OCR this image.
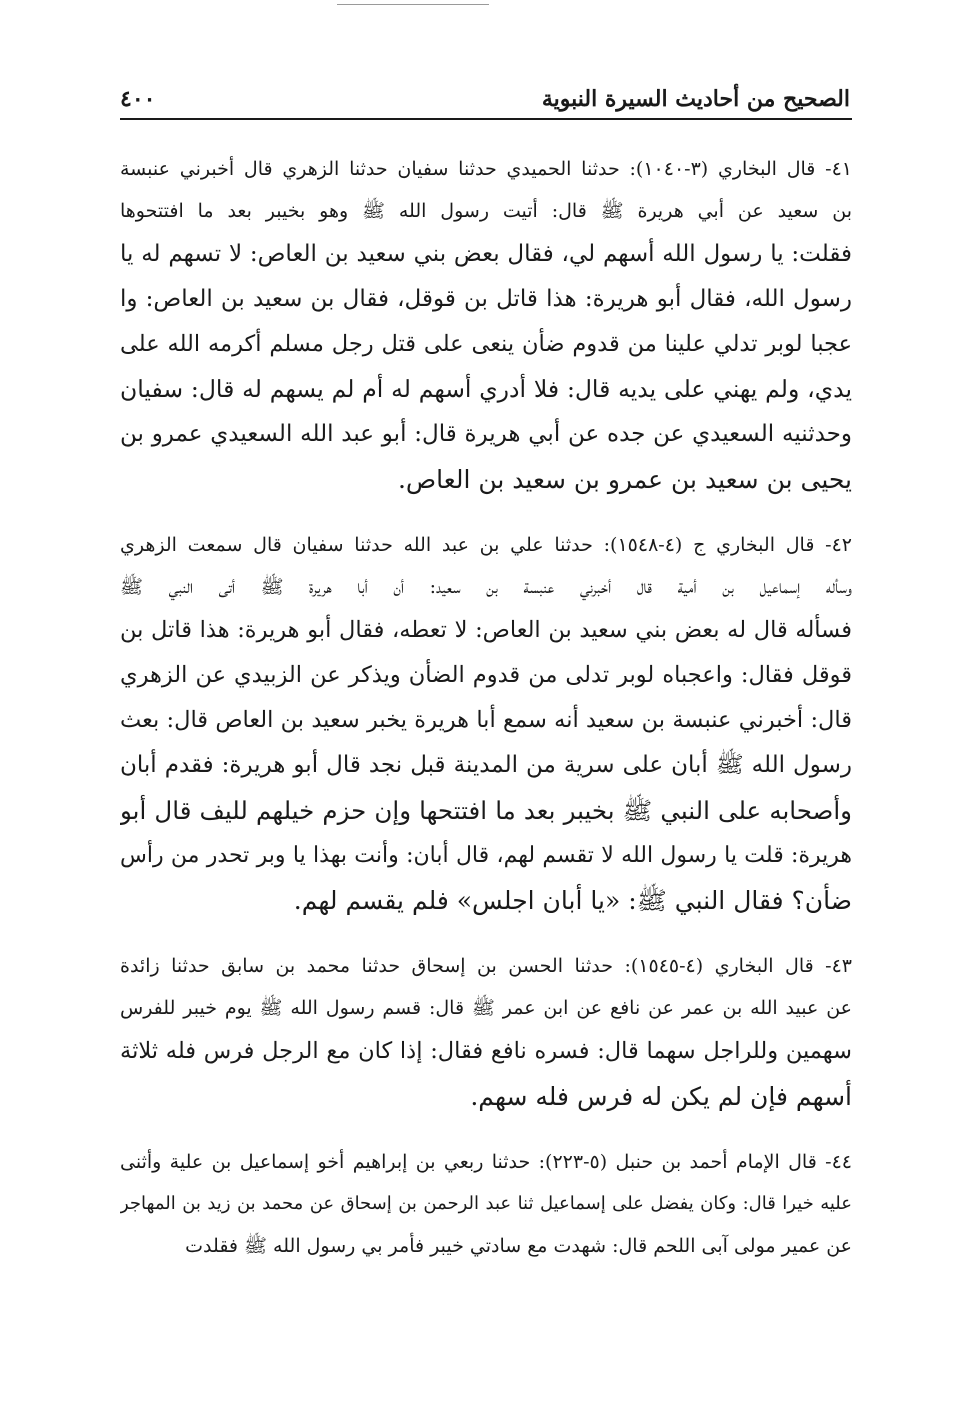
الصحيح من أحاديث السيرة النبوية
٤٠٠
٤١- قال البخاري (٣-١٠٤٠): حدثنا الحميدي حدثنا سفيان حدثنا الزهري قال أخبرني عنبسة
بن سعيد عن أبي هريرة ﷺ قال: أتيت رسول الله ﷺ وهو بخيبر بعد ما افتتحوها
فقلت: يا رسول الله أسهم لي، فقال بعض بني سعيد بن العاص: لا تسهم له يا
رسول الله، فقال أبو هريرة: هذا قاتل بن قوقل، فقال بن سعيد بن العاص: وا
عجبا لوبر تدلي علينا من قدوم ضأن ينعى على قتل رجل مسلم أكرمه الله على
يدي، ولم يهني على يديه قال: فلا أدري أسهم له أم لم يسهم له قال: سفيان
وحدثنيه السعيدي عن جده عن أبي هريرة قال: أبو عبد الله السعيدي عمرو بن
يحيى بن سعيد بن عمرو بن سعيد بن العاص.
٤٢- قال البخاري ج (٤-١٥٤٨): حدثنا علي بن عبد الله حدثنا سفيان قال سمعت الزهري
وسأله إسماعيل بن أمية قال أخبرني عنبسة بن سعيد: أن أبا هريرة ﷺ أتى النبي ﷺ
فسأله قال له بعض بني سعيد بن العاص: لا تعطه، فقال أبو هريرة: هذا قاتل بن
قوقل فقال: واعجباه لوبر تدلى من قدوم الضأن ويذكر عن الزبيدي عن الزهري
قال: أخبرني عنبسة بن سعيد أنه سمع أبا هريرة يخبر سعيد بن العاص قال: بعث
رسول الله ﷺ أبان على سرية من المدينة قبل نجد قال أبو هريرة: فقدم أبان
وأصحابه على النبي ﷺ بخيبر بعد ما افتتحها وإن حزم خيلهم لليف قال أبو
هريرة: قلت يا رسول الله لا تقسم لهم، قال أبان: وأنت بهذا يا وبر تحدر من رأس
ضأن؟ فقال النبي ﷺ: «يا أبان اجلس» فلم يقسم لهم.
٤٣- قال البخاري (٤-١٥٤٥): حدثنا الحسن بن إسحاق حدثنا محمد بن سابق حدثنا زائدة
عن عبيد الله بن عمر عن نافع عن ابن عمر ﷺ قال: قسم رسول الله ﷺ يوم خيبر للفرس
سهمين وللراجل سهما قال: فسره نافع فقال: إذا كان مع الرجل فرس فله ثلاثة
أسهم فإن لم يكن له فرس فله سهم.
٤٤- قال الإمام أحمد بن حنبل (٥-٢٢٣): حدثنا ربعي بن إبراهيم أخو إسماعيل بن علية وأثنى
عليه خيرا قال: وكان يفضل على إسماعيل ثنا عبد الرحمن بن إسحاق عن محمد بن زيد بن المهاجر
عن عمير مولى آبى اللحم قال: شهدت مع سادتي خيبر فأمر بي رسول الله ﷺ فقلدت
